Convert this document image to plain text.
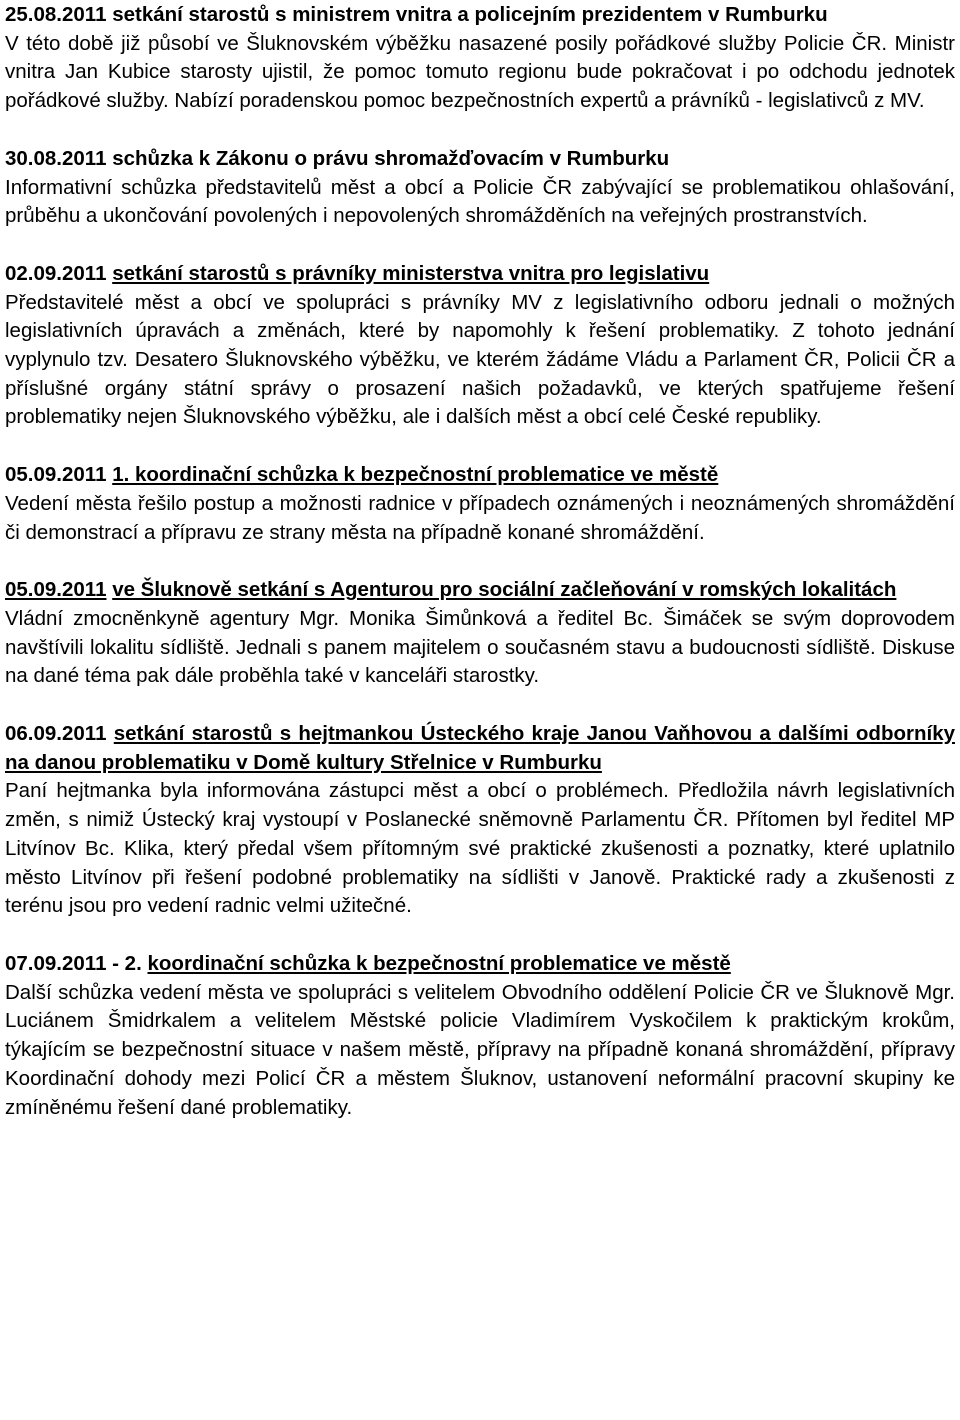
25.08.2011 setkání starostů s ministrem vnitra a policejním prezidentem v Rumburku
V této době již působí ve Šluknovském výběžku nasazené posily pořádkové služby Policie ČR. Ministr vnitra Jan Kubice starosty ujistil, že pomoc tomuto regionu bude pokračovat i po odchodu jednotek pořádkové služby. Nabízí poradenskou pomoc bezpečnostních expertů a právníků - legislativců z MV.
30.08.2011 schůzka k Zákonu o právu shromažďovacím v Rumburku
Informativní schůzka představitelů měst a obcí a Policie ČR zabývající se problematikou ohlašování, průběhu a ukončování povolených i nepovolených shromážděních na veřejných prostranstvích.
02.09.2011 setkání starostů s právníky ministerstva vnitra pro legislativu
Představitelé měst a obcí ve spolupráci s právníky MV z legislativního odboru jednali o možných legislativních úpravách a změnách, které by napomohly k řešení problematiky. Z tohoto jednání vyplynulo tzv. Desatero Šluknovského výběžku, ve kterém žádáme Vládu a Parlament ČR, Policii ČR a příslušné orgány státní správy o prosazení našich požadavků, ve kterých spatřujeme řešení problematiky nejen Šluknovského výběžku, ale i dalších měst a obcí celé České republiky.
05.09.2011 1. koordinační schůzka k bezpečnostní problematice ve městě
Vedení města řešilo postup a možnosti radnice v případech oznámených i neoznámených shromáždění či demonstrací a přípravu ze strany města na případně konané shromáždění.
05.09.2011 ve Šluknově setkání s Agenturou pro sociální začleňování v romských lokalitách
Vládní zmocněnkyně agentury Mgr. Monika Šimůnková a ředitel Bc. Šimáček se svým doprovodem navštívili lokalitu sídliště. Jednali s panem majitelem o současném stavu a budoucnosti sídliště. Diskuse na dané téma pak dále proběhla také v kanceláři starostky.
06.09.2011 setkání starostů s hejtmankou Ústeckého kraje Janou Vaňhovou a dalšími odborníky na danou problematiku v Domě kultury Střelnice v Rumburku
Paní hejtmanka byla informována zástupci měst a obcí o problémech. Předložila návrh legislativních změn, s nimiž Ústecký kraj vystoupí v Poslanecké sněmovně Parlamentu ČR. Přítomen byl ředitel MP Litvínov Bc. Klika, který předal všem přítomným své praktické zkušenosti a poznatky, které uplatnilo město Litvínov při řešení podobné problematiky na sídlišti v Janově. Praktické rady a zkušenosti z terénu jsou pro vedení radnic velmi užitečné.
07.09.2011 - 2. koordinační schůzka k bezpečnostní problematice ve městě
Další schůzka vedení města ve spolupráci s velitelem Obvodního oddělení Policie ČR ve Šluknově Mgr. Luciánem Šmidrkalem a velitelem Městské policie Vladimírem Vyskočilem k praktickým krokům, týkajícím se bezpečnostní situace v našem městě, přípravy na případně konaná shromáždění, přípravy Koordinační dohody mezi Policí ČR a městem Šluknov, ustanovení neformální pracovní skupiny ke zmíněnému řešení dané problematiky.
